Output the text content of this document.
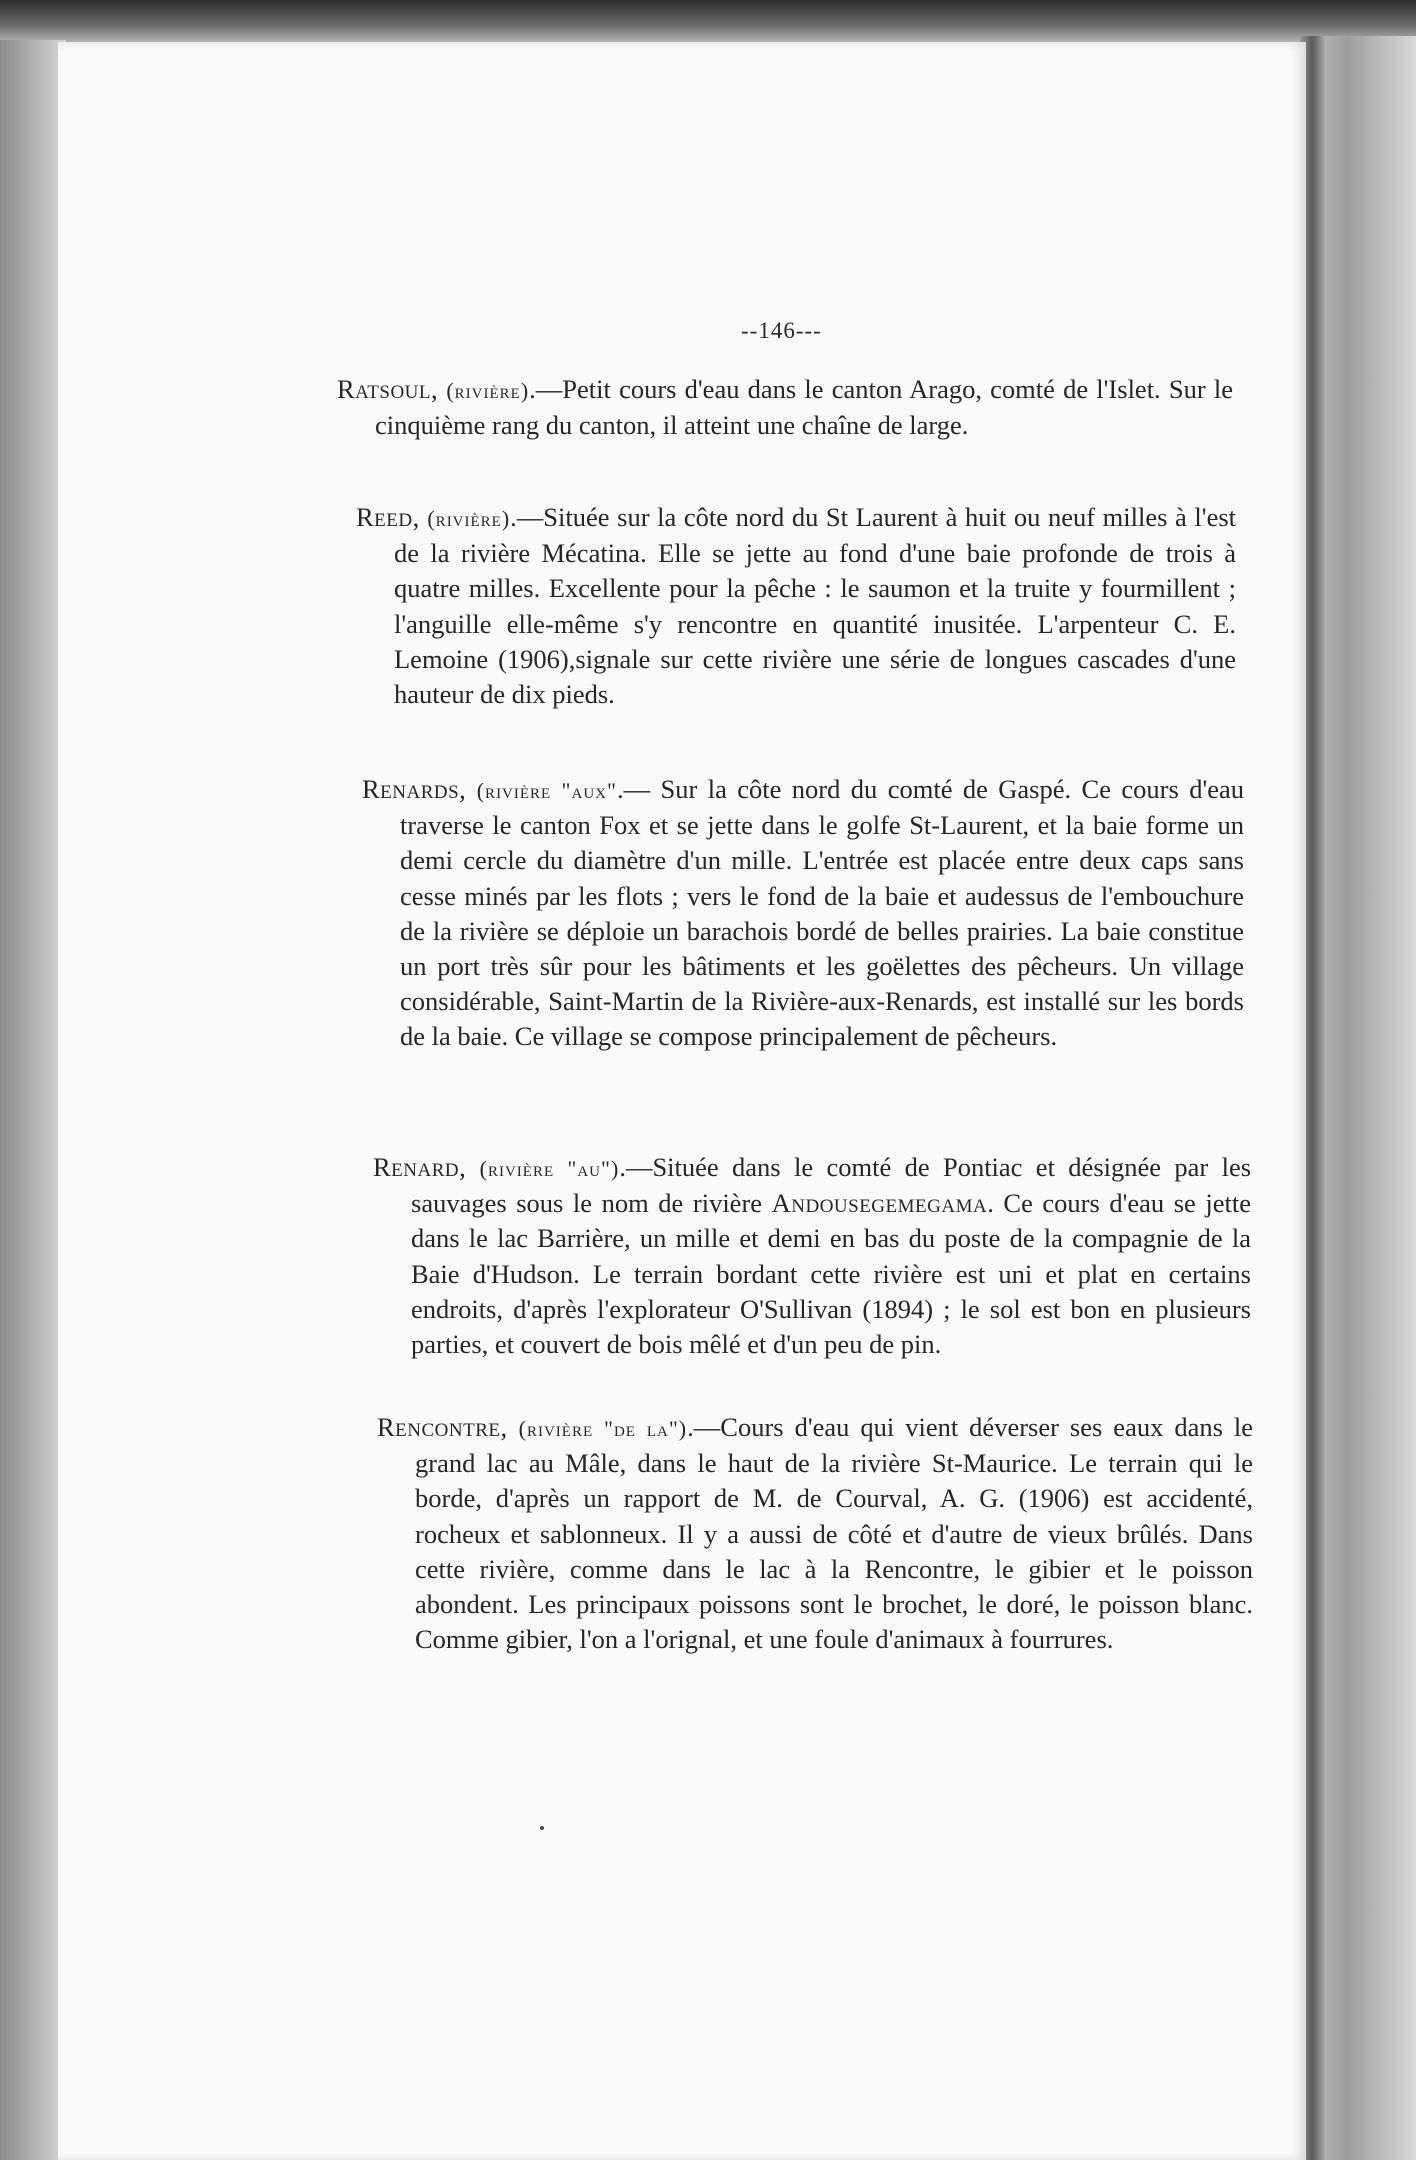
--146---

Ratsoul, (rivière).—Petit cours d'eau dans le canton Arago, comté de l'Islet. Sur le cinquième rang du canton, il atteint une chaîne de large.

Reed, (rivière).—Située sur la côte nord du St Laurent à huit ou neuf milles à l'est de la rivière Mécatina. Elle se jette au fond d'une baie profonde de trois à quatre milles. Excellente pour la pêche : le saumon et la truite y fourmillent ; l'anguille elle-même s'y rencontre en quantité inusitée. L'arpenteur C. E. Lemoine (1906),signale sur cette rivière une série de longues cascades d'une hauteur de dix pieds.

Renards, (rivière "aux".— Sur la côte nord du comté de Gaspé. Ce cours d'eau traverse le canton Fox et se jette dans le golfe St-Laurent, et la baie forme un demi cercle du diamètre d'un mille. L'entrée est placée entre deux caps sans cesse minés par les flots ; vers le fond de la baie et audessus de l'embouchure de la rivière se déploie un barachois bordé de belles prairies. La baie constitue un port très sûr pour les bâtiments et les goëlettes des pêcheurs. Un village considérable, Saint-Martin de la Rivière-aux-Renards, est installé sur les bords de la baie. Ce village se compose principalement de pêcheurs.

Renard, (rivière "au").—Située dans le comté de Pontiac et désignée par les sauvages sous le nom de rivière Andousegemegama. Ce cours d'eau se jette dans le lac Barrière, un mille et demi en bas du poste de la compagnie de la Baie d'Hudson. Le terrain bordant cette rivière est uni et plat en certains endroits, d'après l'explorateur O'Sullivan (1894) ; le sol est bon en plusieurs parties, et couvert de bois mêlé et d'un peu de pin.

Rencontre, (rivière "de la").—Cours d'eau qui vient déverser ses eaux dans le grand lac au Mâle, dans le haut de la rivière St-Maurice. Le terrain qui le borde, d'après un rapport de M. de Courval, A. G. (1906) est accidenté, rocheux et sablonneux. Il y a aussi de côté et d'autre de vieux brûlés. Dans cette rivière, comme dans le lac à la Rencontre, le gibier et le poisson abondent. Les principaux poissons sont le brochet, le doré, le poisson blanc. Comme gibier, l'on a l'orignal, et une foule d'animaux à fourrures.
